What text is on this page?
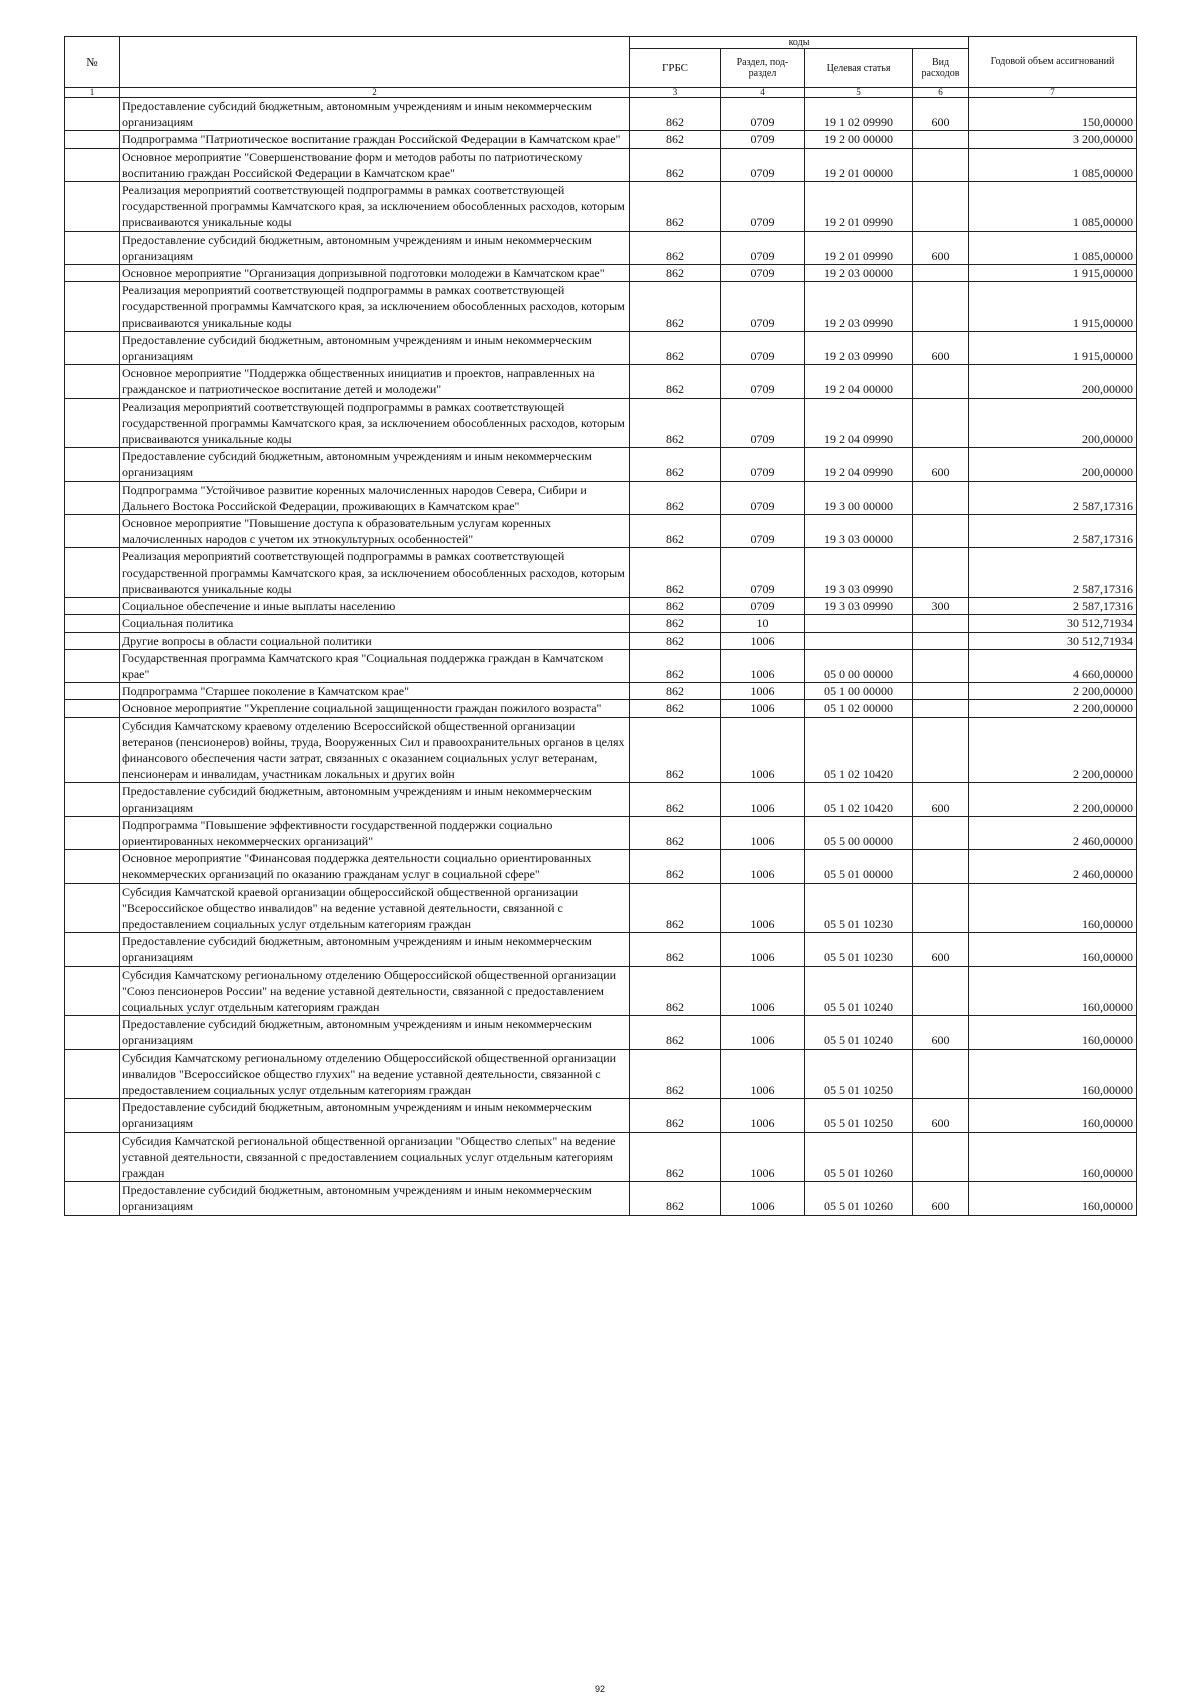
№		коды				Годовой объем ассигнований
		ГРБС	Раздел, под-раздел	Целевая статья	Вид расходов	
1	2	3	4	5	6	7
	Предоставление субсидий бюджетным, автономным учреждениям и иным некоммерческим организациям	862	0709	19 1 02 09990	600	150,00000
	Подпрограмма "Патриотическое воспитание граждан Российской Федерации в Камчатском крае"	862	0709	19 2 00 00000		3 200,00000
	Основное мероприятие "Совершенствование форм и методов работы по патриотическому воспитанию граждан Российской Федерации в Камчатском крае"	862	0709	19 2 01 00000		1 085,00000
	Реализация мероприятий соответствующей подпрограммы в рамках соответствующей государственной программы Камчатского края, за исключением обособленных расходов, которым присваиваются уникальные коды	862	0709	19 2 01 09990		1 085,00000
	Предоставление субсидий бюджетным, автономным учреждениям и иным некоммерческим организациям	862	0709	19 2 01 09990	600	1 085,00000
	Основное мероприятие "Организация допризывной подготовки молодежи в Камчатском крае"	862	0709	19 2 03 00000		1 915,00000
	Реализация мероприятий соответствующей подпрограммы в рамках соответствующей государственной программы Камчатского края, за исключением обособленных расходов, которым присваиваются уникальные коды	862	0709	19 2 03 09990		1 915,00000
	Предоставление субсидий бюджетным, автономным учреждениям и иным некоммерческим организациям	862	0709	19 2 03 09990	600	1 915,00000
	Основное мероприятие "Поддержка общественных инициатив и проектов, направленных на гражданское и патриотическое воспитание детей и молодежи"	862	0709	19 2 04 00000		200,00000
	Реализация мероприятий соответствующей подпрограммы в рамках соответствующей государственной программы Камчатского края, за исключением обособленных расходов, которым присваиваются уникальные коды	862	0709	19 2 04 09990		200,00000
	Предоставление субсидий бюджетным, автономным учреждениям и иным некоммерческим организациям	862	0709	19 2 04 09990	600	200,00000
	Подпрограмма "Устойчивое развитие коренных малочисленных народов Севера, Сибири и Дальнего Востока Российской Федерации, проживающих в Камчатском крае"	862	0709	19 3 00 00000		2 587,17316
	Основное мероприятие "Повышение доступа к образовательным услугам коренных малочисленных народов с учетом их этнокультурных особенностей"	862	0709	19 3 03 00000		2 587,17316
	Реализация мероприятий соответствующей подпрограммы в рамках соответствующей государственной программы Камчатского края, за исключением обособленных расходов, которым присваиваются уникальные коды	862	0709	19 3 03 09990		2 587,17316
	Социальное обеспечение и иные выплаты населению	862	0709	19 3 03 09990	300	2 587,17316
	Социальная политика	862	10			30 512,71934
	Другие вопросы в области социальной политики	862	1006			30 512,71934
	Государственная программа Камчатского края "Социальная поддержка граждан в Камчатском крае"	862	1006	05 0 00 00000		4 660,00000
	Подпрограмма "Старшее поколение в Камчатском крае"	862	1006	05 1 00 00000		2 200,00000
	Основное мероприятие "Укрепление социальной защищенности граждан пожилого возраста"	862	1006	05 1 02 00000		2 200,00000
	Субсидия Камчатскому краевому отделению Всероссийской общественной организации ветеранов (пенсионеров) войны, труда, Вооруженных Сил и правоохранительных органов в целях финансового обеспечения части затрат, связанных с оказанием социальных услуг ветеранам, пенсионерам и инвалидам, участникам локальных и других войн	862	1006	05 1 02 10420		2 200,00000
	Предоставление субсидий бюджетным, автономным учреждениям и иным некоммерческим организациям	862	1006	05 1 02 10420	600	2 200,00000
	Подпрограмма "Повышение эффективности государственной поддержки социально ориентированных некоммерческих организаций"	862	1006	05 5 00 00000		2 460,00000
	Основное мероприятие "Финансовая поддержка деятельности социально ориентированных некоммерческих организаций по оказанию гражданам услуг в социальной сфере"	862	1006	05 5 01 00000		2 460,00000
	Субсидия Камчатской краевой организации общероссийской общественной организации "Всероссийское общество инвалидов" на ведение уставной деятельности, связанной с предоставлением социальных услуг отдельным категориям граждан	862	1006	05 5 01 10230		160,00000
	Предоставление субсидий бюджетным, автономным учреждениям и иным некоммерческим организациям	862	1006	05 5 01 10230	600	160,00000
	Субсидия Камчатскому региональному отделению Общероссийской общественной организации "Союз пенсионеров России" на ведение уставной деятельности, связанной с предоставлением социальных услуг отдельным категориям граждан	862	1006	05 5 01 10240		160,00000
	Предоставление субсидий бюджетным, автономным учреждениям и иным некоммерческим организациям	862	1006	05 5 01 10240	600	160,00000
	Субсидия Камчатскому региональному отделению Общероссийской общественной организации инвалидов "Всероссийское общество глухих" на ведение уставной деятельности, связанной с предоставлением социальных услуг отдельным категориям граждан	862	1006	05 5 01 10250		160,00000
	Предоставление субсидий бюджетным, автономным учреждениям и иным некоммерческим организациям	862	1006	05 5 01 10250	600	160,00000
	Субсидия Камчатской региональной общественной организации "Общество слепых" на ведение уставной деятельности, связанной с предоставлением социальных услуг отдельным категориям граждан	862	1006	05 5 01 10260		160,00000
	Предоставление субсидий бюджетным, автономным учреждениям и иным некоммерческим организациям	862	1006	05 5 01 10260	600	160,00000
92
